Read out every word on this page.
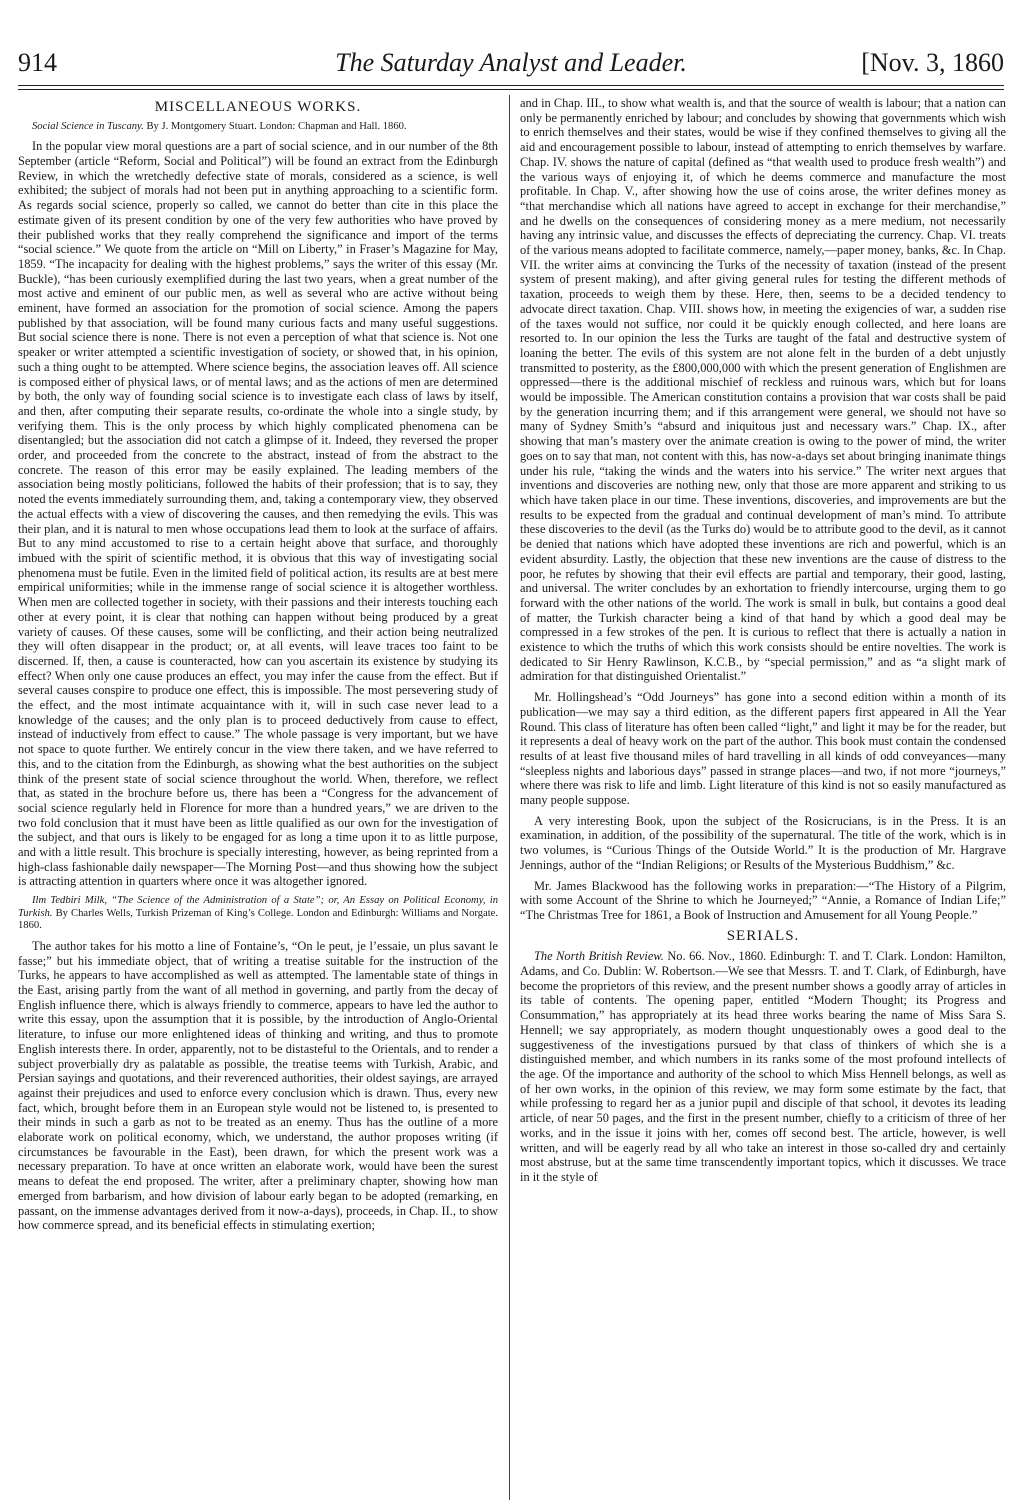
914	The Saturday Analyst and Leader.	[Nov. 3, 1860
MISCELLANEOUS WORKS.

Social Science in Tuscany. By J. Montgomery Stuart. London: Chapman and Hall. 1860.

In the popular view moral questions are a part of social science, and in our number of the 8th September (article “Reform, Social and Political”) will be found an extract from the Edinburgh Review, in which the wretchedly defective state of morals, considered as a science, is well exhibited; the subject of morals had not been put in anything approaching to a scientific form. As regards social science, properly so called, we cannot do better than cite in this place the estimate given of its present condition by one of the very few authorities who have proved by their published works that they really comprehend the significance and import of the terms “social science.” We quote from the article on “Mill on Liberty,” in Fraser’s Magazine for May, 1859. “The incapacity for dealing with the highest problems,” says the writer of this essay (Mr. Buckle), “has been curiously exemplified during the last two years, when a great number of the most active and eminent of our public men, as well as several who are active without being eminent, have formed an association for the promotion of social science. Among the papers published by that association, will be found many curious facts and many useful suggestions. But social science there is none. There is not even a perception of what that science is. Not one speaker or writer attempted a scientific investigation of society, or showed that, in his opinion, such a thing ought to be attempted. Where science begins, the association leaves off. All science is composed either of physical laws, or of mental laws; and as the actions of men are determined by both, the only way of founding social science is to investigate each class of laws by itself, and then, after computing their separate results, co-ordinate the whole into a single study, by verifying them. This is the only process by which highly complicated phenomena can be disentangled; but the association did not catch a glimpse of it. Indeed, they reversed the proper order, and proceeded from the concrete to the abstract, instead of from the abstract to the concrete. The reason of this error may be easily explained. The leading members of the association being mostly politicians, followed the habits of their profession; that is to say, they noted the events immediately surrounding them, and, taking a contemporary view, they observed the actual effects with a view of discovering the causes, and then remedying the evils. This was their plan, and it is natural to men whose occupations lead them to look at the surface of affairs. But to any mind accustomed to rise to a certain height above that surface, and thoroughly imbued with the spirit of scientific method, it is obvious that this way of investigating social phenomena must be futile. Even in the limited field of political action, its results are at best mere empirical uniformities; while in the immense range of social science it is altogether worthless. When men are collected together in society, with their passions and their interests touching each other at every point, it is clear that nothing can happen without being produced by a great variety of causes. Of these causes, some will be conflicting, and their action being neutralized they will often disappear in the product; or, at all events, will leave traces too faint to be discerned. If, then, a cause is counteracted, how can you ascertain its existence by studying its effect? When only one cause produces an effect, you may infer the cause from the effect. But if several causes conspire to produce one effect, this is impossible. The most persevering study of the effect, and the most intimate acquaintance with it, will in such case never lead to a knowledge of the causes; and the only plan is to proceed deductively from cause to effect, instead of inductively from effect to cause.” The whole passage is very important, but we have not space to quote further. We entirely concur in the view there taken, and we have referred to this, and to the citation from the Edinburgh, as showing what the best authorities on the subject think of the present state of social science throughout the world. When, therefore, we reflect that, as stated in the brochure before us, there has been a “Congress for the advancement of social science regularly held in Florence for more than a hundred years,” we are driven to the two fold conclusion that it must have been as little qualified as our own for the investigation of the subject, and that ours is likely to be engaged for as long a time upon it to as little purpose, and with a little result. This brochure is specially interesting, however, as being reprinted from a high-class fashionable daily newspaper—The Morning Post—and thus showing how the subject is attracting attention in quarters where once it was altogether ignored.

Ilm Tedbiri Milk, “The Science of the Administration of a State”; or, An Essay on Political Economy, in Turkish. By Charles Wells, Turkish Prizeman of King’s College. London and Edinburgh: Williams and Norgate. 1860.

The author takes for his motto a line of Fontaine’s, “On le peut, je l’essaie, un plus savant le fasse;” but his immediate object, that of writing a treatise suitable for the instruction of the Turks, he appears to have accomplished as well as attempted. The lamentable state of things in the East, arising partly from the want of all method in governing, and partly from the decay of English influence there, which is always friendly to commerce, appears to have led the author to write this essay, upon the assumption that it is possible, by the introduction of Anglo-Oriental literature, to infuse our more enlightened ideas of thinking and writing, and thus to promote English interests there. In order, apparently, not to be distasteful to the Orientals, and to render a subject proverbially dry as palatable as possible, the treatise teems with Turkish, Arabic, and Persian sayings and quotations, and their reverenced authorities, their oldest sayings, are arrayed against their prejudices and used to enforce every conclusion which is drawn. Thus, every new fact, which, brought before them in an European style would not be listened to, is presented to their minds in such a garb as not to be treated as an enemy. Thus has the outline of a more elaborate work on political economy, which, we understand, the author proposes writing (if circumstances be favourable in the East), been drawn, for which the present work was a necessary preparation. To have at once written an elaborate work, would have been the surest means to defeat the end proposed. The writer, after a preliminary chapter, showing how man emerged from barbarism, and how division of labour early began to be adopted (remarking, en passant, on the immense advantages derived from it now-a-days), proceeds, in Chap. II., to show how commerce spread, and its beneficial effects in stimulating exertion;

and in Chap. III., to show what wealth is, and that the source of wealth is labour; that a nation can only be permanently enriched by labour; and concludes by showing that governments which wish to enrich themselves and their states, would be wise if they confined themselves to giving all the aid and encouragement possible to labour, instead of attempting to enrich themselves by warfare. Chap. IV. shows the nature of capital (defined as “that wealth used to produce fresh wealth”) and the various ways of enjoying it, of which he deems commerce and manufacture the most profitable. In Chap. V., after showing how the use of coins arose, the writer defines money as “that merchandise which all nations have agreed to accept in exchange for their merchandise,” and he dwells on the consequences of considering money as a mere medium, not necessarily having any intrinsic value, and discusses the effects of depreciating the currency. Chap. VI. treats of the various means adopted to facilitate commerce, namely,—paper money, banks, &c. In Chap. VII. the writer aims at convincing the Turks of the necessity of taxation (instead of the present system of present making), and after giving general rules for testing the different methods of taxation, proceeds to weigh them by these. Here, then, seems to be a decided tendency to advocate direct taxation. Chap. VIII. shows how, in meeting the exigencies of war, a sudden rise of the taxes would not suffice, nor could it be quickly enough collected, and here loans are resorted to. In our opinion the less the Turks are taught of the fatal and destructive system of loaning the better. The evils of this system are not alone felt in the burden of a debt unjustly transmitted to posterity, as the £800,000,000 with which the present generation of Englishmen are oppressed—there is the additional mischief of reckless and ruinous wars, which but for loans would be impossible. The American constitution contains a provision that war costs shall be paid by the generation incurring them; and if this arrangement were general, we should not have so many of Sydney Smith’s “absurd and iniquitous just and necessary wars.” Chap. IX., after showing that man’s mastery over the animate creation is owing to the power of mind, the writer goes on to say that man, not content with this, has now-a-days set about bringing inanimate things under his rule, “taking the winds and the waters into his service.” The writer next argues that inventions and discoveries are nothing new, only that those are more apparent and striking to us which have taken place in our time. These inventions, discoveries, and improvements are but the results to be expected from the gradual and continual development of man’s mind. To attribute these discoveries to the devil (as the Turks do) would be to attribute good to the devil, as it cannot be denied that nations which have adopted these inventions are rich and powerful, which is an evident absurdity. Lastly, the objection that these new inventions are the cause of distress to the poor, he refutes by showing that their evil effects are partial and temporary, their good, lasting, and universal. The writer concludes by an exhortation to friendly intercourse, urging them to go forward with the other nations of the world. The work is small in bulk, but contains a good deal of matter, the Turkish character being a kind of that hand by which a good deal may be compressed in a few strokes of the pen. It is curious to reflect that there is actually a nation in existence to which the truths of which this work consists should be entire novelties. The work is dedicated to Sir Henry Rawlinson, K.C.B., by “special permission,” and as “a slight mark of admiration for that distinguished Orientalist.”

Mr. Hollingshead’s “Odd Journeys” has gone into a second edition within a month of its publication—we may say a third edition, as the different papers first appeared in All the Year Round. This class of literature has often been called “light,” and light it may be for the reader, but it represents a deal of heavy work on the part of the author. This book must contain the condensed results of at least five thousand miles of hard travelling in all kinds of odd conveyances—many “sleepless nights and laborious days” passed in strange places—and two, if not more “journeys,” where there was risk to life and limb. Light literature of this kind is not so easily manufactured as many people suppose.

A very interesting Book, upon the subject of the Rosicrucians, is in the Press. It is an examination, in addition, of the possibility of the supernatural. The title of the work, which is in two volumes, is “Curious Things of the Outside World.” It is the production of Mr. Hargrave Jennings, author of the “Indian Religions; or Results of the Mysterious Buddhism,” &c.

Mr. James Blackwood has the following works in preparation:—“The History of a Pilgrim, with some Account of the Shrine to which he Journeyed;” “Annie, a Romance of Indian Life;” “The Christmas Tree for 1861, a Book of Instruction and Amusement for all Young People.”

SERIALS.

The North British Review. No. 66. Nov., 1860. Edinburgh: T. and T. Clark. London: Hamilton, Adams, and Co. Dublin: W. Robertson.—We see that Messrs. T. and T. Clark, of Edinburgh, have become the proprietors of this review, and the present number shows a goodly array of articles in its table of contents. The opening paper, entitled “Modern Thought; its Progress and Consummation,” has appropriately at its head three works bearing the name of Miss Sara S. Hennell; we say appropriately, as modern thought unquestionably owes a good deal to the suggestiveness of the investigations pursued by that class of thinkers of which she is a distinguished member, and which numbers in its ranks some of the most profound intellects of the age. Of the importance and authority of the school to which Miss Hennell belongs, as well as of her own works, in the opinion of this review, we may form some estimate by the fact, that while professing to regard her as a junior pupil and disciple of that school, it devotes its leading article, of near 50 pages, and the first in the present number, chiefly to a criticism of three of her works, and in the issue it joins with her, comes off second best. The article, however, is well written, and will be eagerly read by all who take an interest in those so-called dry and certainly most abstruse, but at the same time transcendently important topics, which it discusses. We trace in it the style of
